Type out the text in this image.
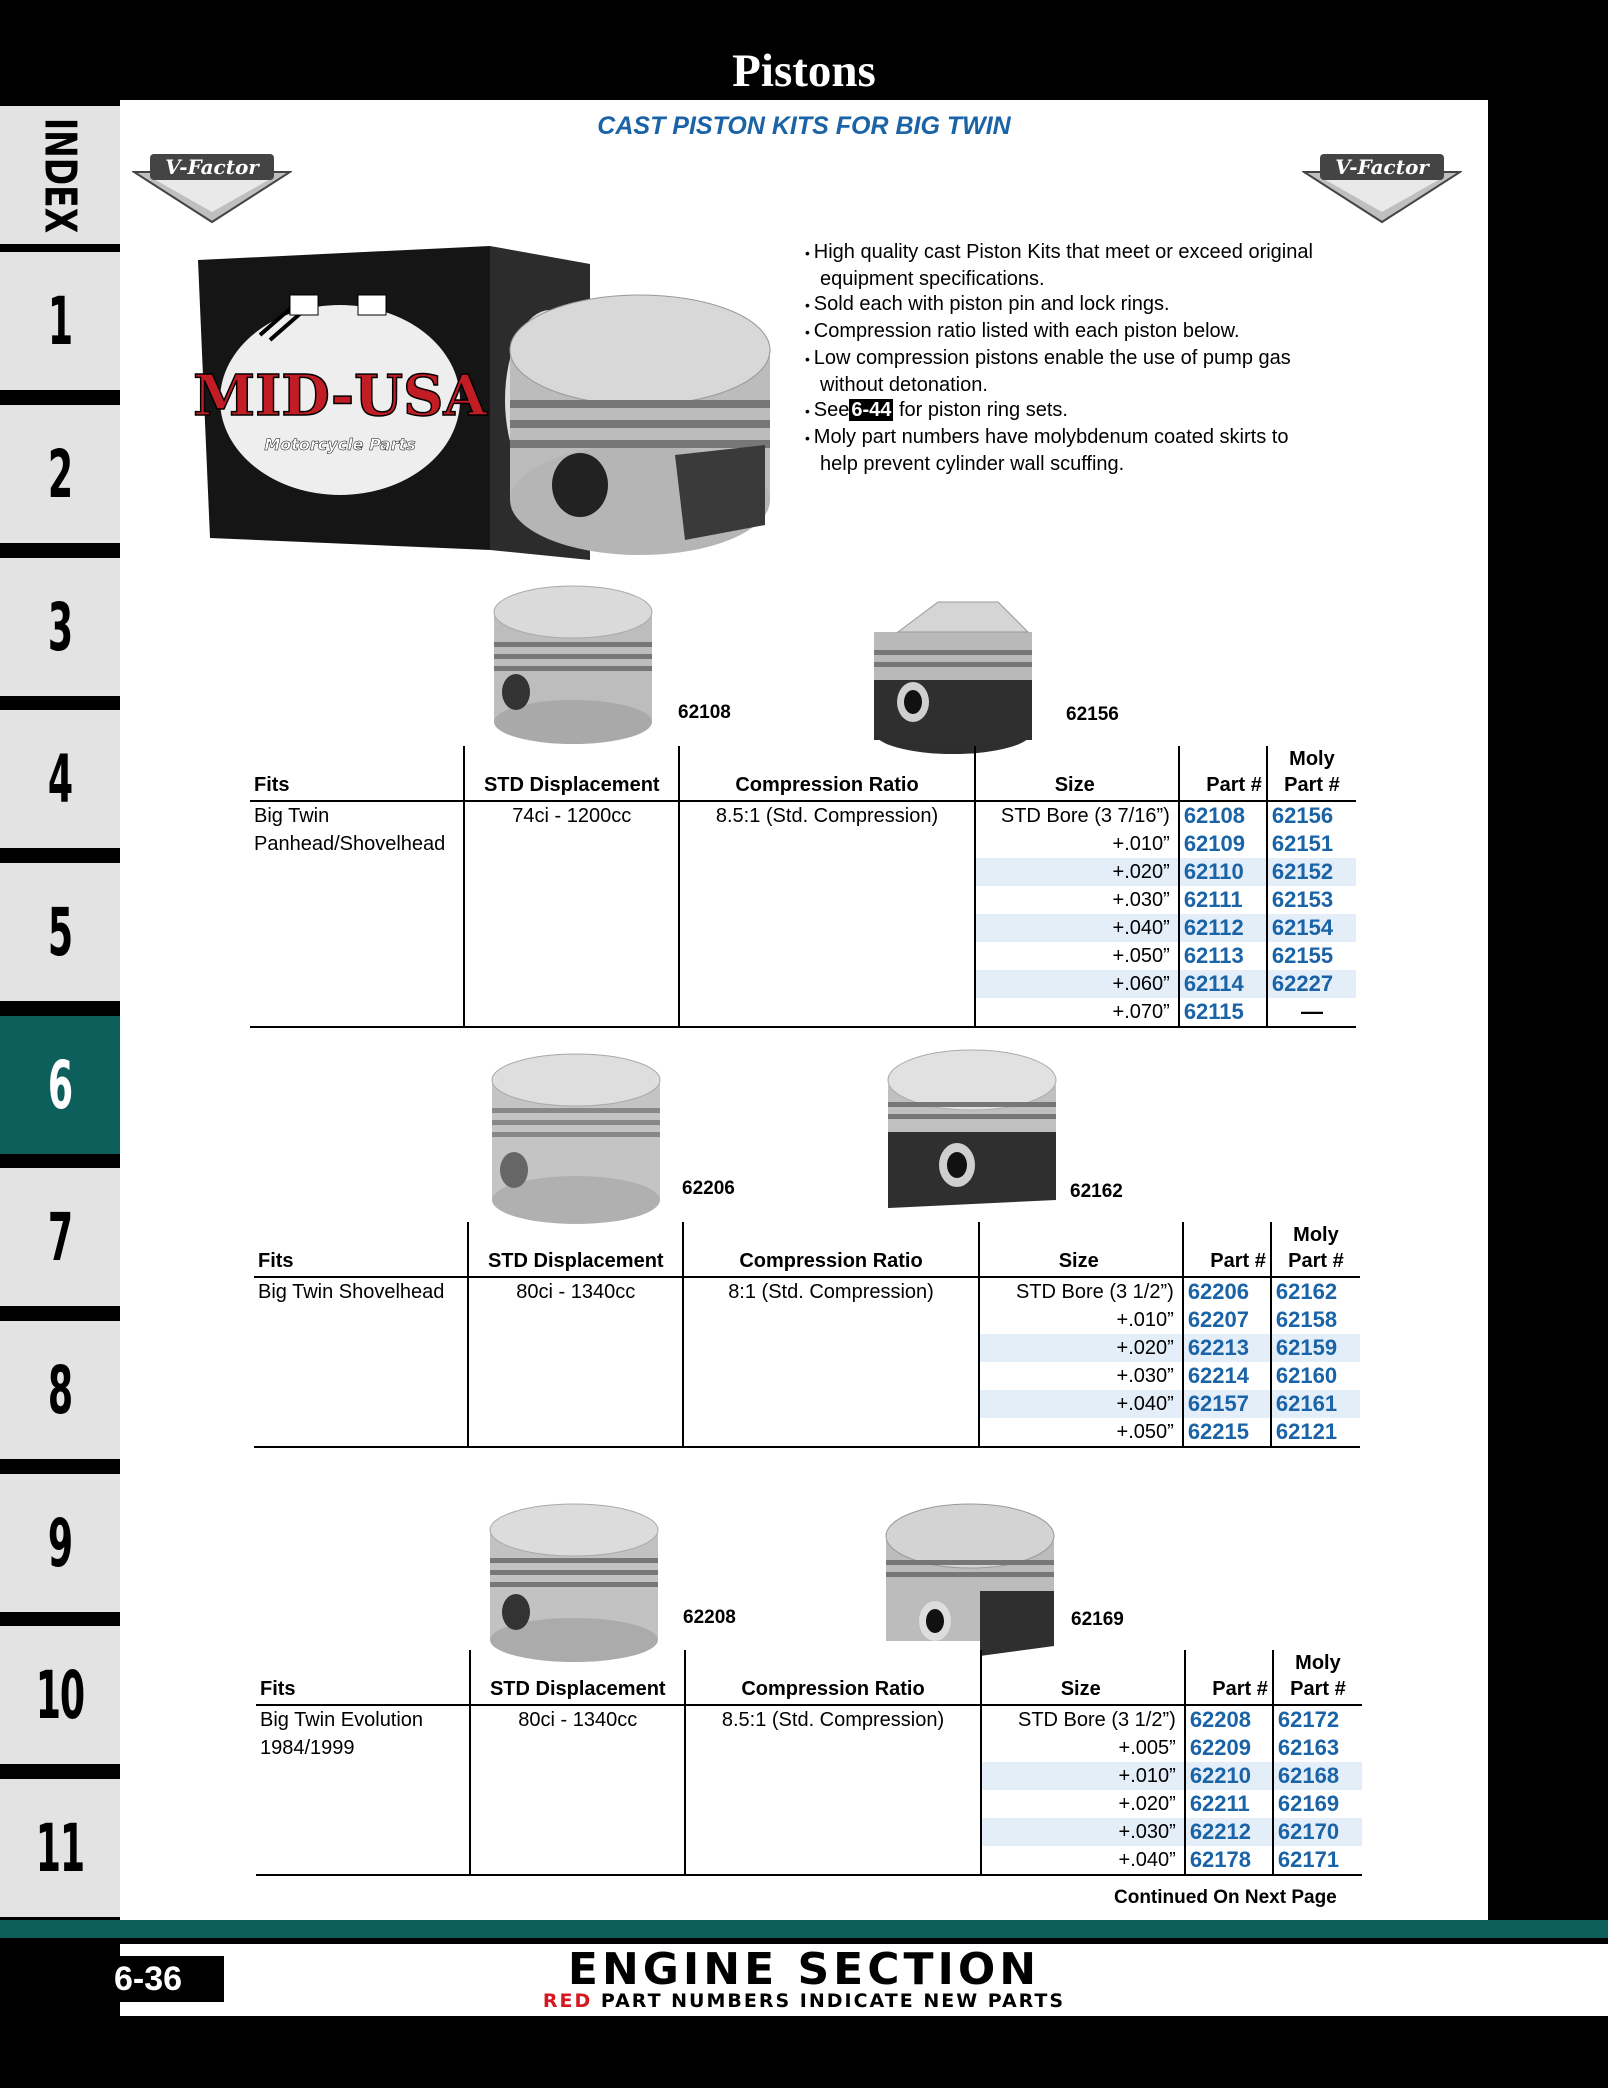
Pistons
CAST PISTON KITS FOR BIG TWIN
INDEX
1
2
3
4
5
6
7
8
9
10
11
V-Factor	V-Factor
MID-USA
Motorcycle Parts
• High quality cast Piston Kits that meet or exceed original equipment specifications.
• Sold each with piston pin and lock rings.
• Compression ratio listed with each piston below.
• Low compression pistons enable the use of pump gas without detonation.
• See 6-44 for piston ring sets.
• Moly part numbers have molybdenum coated skirts to help prevent cylinder wall scuffing.
62108	62156
Fits	STD Displacement	Compression Ratio	Size	Part #	Moly
Part #

Big Twin	74ci - 1200cc	8.5:1 (Std. Compression)	STD Bore (3 7/16”)	62108	62156
Panhead/Shovelhead			+.010”	62109	62151
			+.020”	62110	62152
			+.030”	62111	62153
			+.040”	62112	62154
			+.050”	62113	62155
			+.060”	62114	62227
			+.070”	62115	—
62206	62162
Fits	STD Displacement	Compression Ratio	Size	Part #	Moly
Part #

Big Twin Shovelhead	80ci - 1340cc	8:1 (Std. Compression)	STD Bore (3 1/2”)	62206	62162
			+.010”	62207	62158
			+.020”	62213	62159
			+.030”	62214	62160
			+.040”	62157	62161
			+.050”	62215	62121
62208	62169
Fits	STD Displacement	Compression Ratio	Size	Part #	Moly
Part #

Big Twin Evolution	80ci - 1340cc	8.5:1 (Std. Compression)	STD Bore (3 1/2”)	62208	62172
1984/1999			+.005”	62209	62163
			+.010”	62210	62168
			+.020”	62211	62169
			+.030”	62212	62170
			+.040”	62178	62171
Continued On Next Page
6-36	ENGINE SECTION
RED PART NUMBERS INDICATE NEW PARTS
